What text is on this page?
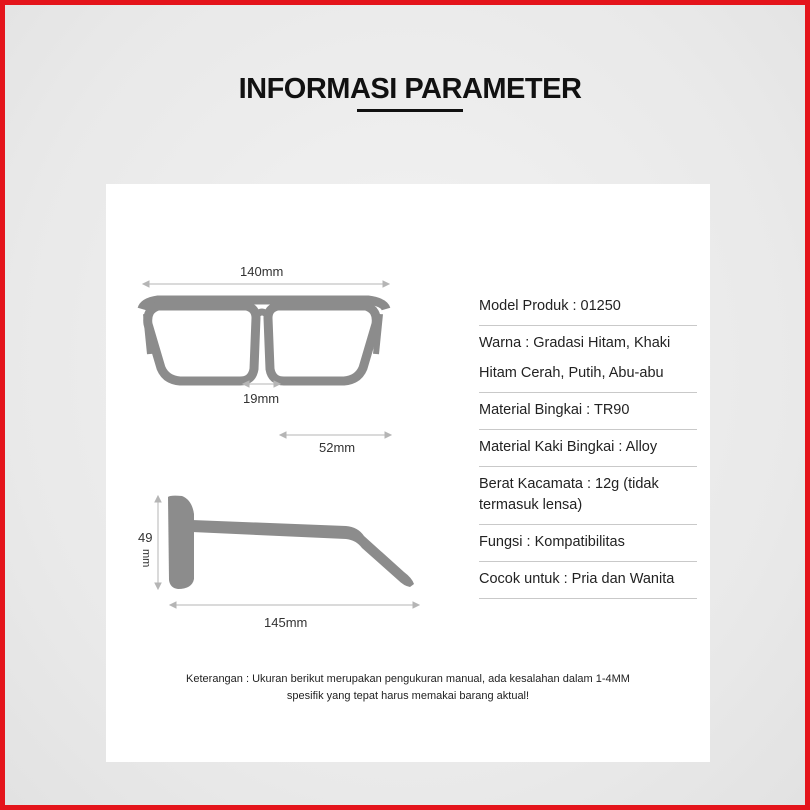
INFORMASI PARAMETER
140mm
19mm
52mm
49
mm
145mm
Model Produk : 01250
Warna : Gradasi Hitam, Khaki
Hitam Cerah, Putih, Abu-abu
Material Bingkai : TR90
Material Kaki Bingkai : Alloy
Berat Kacamata : 12g (tidak termasuk lensa)
Fungsi : Kompatibilitas
Cocok untuk : Pria dan Wanita
Keterangan : Ukuran berikut merupakan pengukuran manual, ada kesalahan dalam 1-4MM
spesifik yang tepat harus memakai barang aktual!
